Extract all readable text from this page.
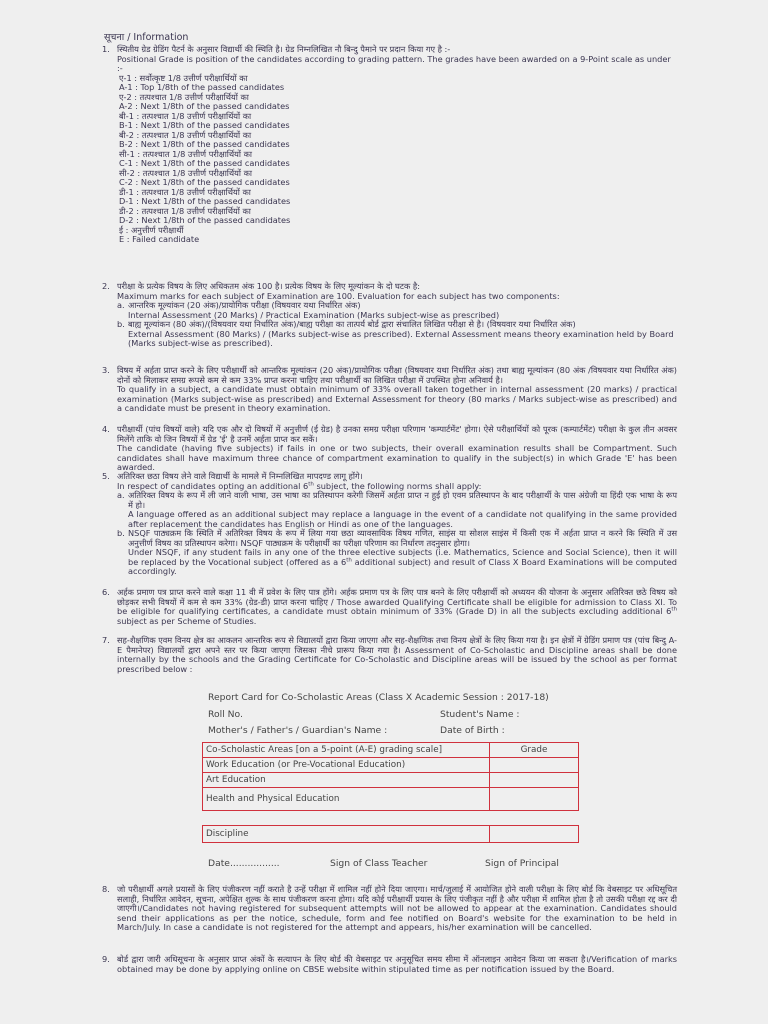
सूचना / Information
1. स्थितीय ग्रेड ग्रेडिंग पैटर्न के अनुसार विद्यार्थी की स्थिति है। ग्रेड निम्नलिखित नौ बिन्दु पैमाने पर प्रदान किया गए है :-
Positional Grade is position of the candidates according to grading pattern. The grades have been awarded on a 9-Point scale as under :-
ए-1 : सर्वोत्कृष्ट 1/8 उत्तीर्ण परीक्षार्थियों का
A-1 : Top 1/8th of the passed candidates
ए-2 : तत्पश्चात 1/8 उत्तीर्ण परीक्षार्थियों का
A-2 : Next 1/8th of the passed candidates
बी-1 : तत्पश्चात 1/8 उत्तीर्ण परीक्षार्थियों का
B-1 : Next 1/8th of the passed candidates
बी-2 : तत्पश्चात 1/8 उत्तीर्ण परीक्षार्थियों का
B-2 : Next 1/8th of the passed candidates
सी-1 : तत्पश्चात 1/8 उत्तीर्ण परीक्षार्थियों का
C-1 : Next 1/8th of the passed candidates
सी-2 : तत्पश्चात 1/8 उत्तीर्ण परीक्षार्थियों का
C-2 : Next 1/8th of the passed candidates
डी-1 : तत्पश्चात 1/8 उत्तीर्ण परीक्षार्थियों का
D-1 : Next 1/8th of the passed candidates
डी-2 : तत्पश्चात 1/8 उत्तीर्ण परीक्षार्थियों का
D-2 : Next 1/8th of the passed candidates
ई : अनुत्तीर्ण परीक्षार्थी
E : Failed candidate
2. परीक्षा के प्रत्येक विषय के लिए अधिकतम अंक 100 है। प्रत्येक विषय के लिए मूल्यांकन के दो घटक है:
Maximum marks for each subject of Examination are 100. Evaluation for each subject has two components:
a. आन्तरिक मूल्यांकन (20 अंक)/प्रायोगिक परीक्षा (विषयवार यथा निर्धारित अंक)
Internal Assessment (20 Marks) / Practical Examination (Marks subject-wise as prescribed)
b. बाह्य मूल्यांकन (80 अंक)/(विषयवार यथा निर्धारित अंक)/बाह्य परीक्षा का तात्पर्य बोर्ड द्वारा संचालित लिखित परीक्षा से है। (विषयवार यथा निर्धारित अंक)
External Assessment (80 Marks) / (Marks subject-wise as prescribed). External Assessment means theory examination held by Board (Marks subject-wise as prescribed).
3. विषय में अर्हता प्राप्त करने के लिए परीक्षार्थी को आन्तरिक मूल्यांकन (20 अंक)/प्रायोगिक परीक्षा (विषयवार यथा निर्धारित अंक) तथा बाह्य मूल्यांकन (80 अंक /विषयवार यथा निर्धारित अंक) दोनों को मिलाकर समग्र रूपसे कम से कम 33% प्राप्त करना चाहिए तथा परीक्षार्थी का लिखित परीक्षा में उपस्थित होना अनिवार्य है।
To qualify in a subject, a candidate must obtain minimum of 33% overall taken together in internal assessment (20 marks) / practical examination (Marks subject-wise as prescribed) and External Assessment for theory (80 marks / Marks subject-wise as prescribed) and a candidate must be present in theory examination.
4. परीक्षार्थी (पांच विषयों वाले) यदि एक और दो विषयों में अनुत्तीर्ण (ई ग्रेड) है उनका समग्र परीक्षा परिणाम 'कम्पार्टमेंट' होगा। ऐसे परीक्षार्थियों को पूरक (कम्पार्टमेंट) परीक्षा के कुल तीन अवसर मिलेंगे ताकि वो जिन विषयों में ग्रेड 'ई' है उनमें अर्हता प्राप्त कर सकें।
The candidate (having five subjects) if fails in one or two subjects, their overall examination results shall be Compartment. Such candidates shall have maximum three chance of compartment examination to qualify in the subject(s) in which Grade 'E' has been awarded.
5. अतिरिक्त छठा विषय लेने वाले विद्यार्थी के मामले में निम्नलिखित मापदण्ड लागू होंगे।
In respect of candidates opting an additional 6th subject, the following norms shall apply:
a. अतिरिक्त विषय के रूप में ली जाने वाली भाषा, उस भाषा का प्रतिस्थापन करेगी जिसमें अर्हता प्राप्त न हुई हो एवम प्रतिस्थापन के बाद परीक्षार्थी के पास अंग्रेजी या हिंदी एक भाषा के रूप में हो।
A language offered as an additional subject may replace a language in the event of a candidate not qualifying in the same provided after replacement the candidates has English or Hindi as one of the languages.
b. NSQF पाठ्यक्रम कि स्थिति में अतिरिक्त विषय के रूप में लिया गया छठा व्यावसायिक विषय गणित, साइंस या सोशल साइंस में किसी एक में अर्हता प्राप्त न करने कि स्थिति में उस अनुत्तीर्ण विषय का प्रतिस्थापन करेगा। NSQF पाठ्यक्रम के परीक्षार्थी का परीक्षा परिणाम का निर्धारण तदनुसार होगा।
Under NSQF, if any student fails in any one of the three elective subjects (i.e. Mathematics, Science and Social Science), then it will be replaced by the Vocational subject (offered as a 6th additional subject) and result of Class X Board Examinations will be computed accordingly.
6. अर्हक प्रमाण पत्र प्राप्त करने वाले कक्षा 11 वी में प्रवेश के लिए पात्र होंगे। अर्हक प्रमाण पत्र के लिए पात्र बनने के लिए परीक्षार्थी को अध्ययन की योजना के अनुसार अतिरिक्त छठे विषय को छोड़कर सभी विषयों में कम से कम 33% (ग्रेड-डी) प्राप्त करना चाहिए / Those awarded Qualifying Certificate shall be eligible for admission to Class XI. To be eligible for qualifying certificates, a candidate must obtain minimum of 33% (Grade D) in all the subjects excluding additional 6th subject as per Scheme of Studies.
7. सह-शैक्षणिक एवम विनय क्षेत्र का आकलन आन्तरिक रूप से विद्यालयों द्वारा किया जाएगा और सह-शैक्षणिक तथा विनय क्षेत्रों के लिए किया गया है। इन क्षेत्रों में ग्रेडिंग प्रमाण पत्र (पांच बिन्दु A-E पैमानेपर) विद्यालयों द्वारा अपने स्तर पर किया जाएगा जिसका नीचे प्रारूप किया गया है। Assessment of Co-Scholastic and Discipline areas shall be done internally by the schools and the Grading Certificate for Co-Scholastic and Discipline areas will be issued by the school as per format prescribed below :
Report Card for Co-Scholastic Areas (Class X Academic Session : 2017-18)
Roll No.	Student's Name :
Mother's / Father's / Guardian's Name :	Date of Birth :
Co-Scholastic Areas [on a 5-point (A-E) grading scale]	Grade
Work Education (or Pre-Vocational Education)	
Art Education	
Health and Physical Education	
Discipline	
Date.................	Sign of Class Teacher	Sign of Principal
8. जो परीक्षार्थी अगले प्रयासों के लिए पंजीकरण नहीं कराते है उन्हें परीक्षा में शामिल नहीं होने दिया जाएगा। मार्च/जुलाई में आयोजित होने वाली परीक्षा के लिए बोर्ड कि वेबसाइट पर अधिसूचित सलाही, निर्धारित आवेदन, सूचना, अपेक्षित शुल्क के साथ पंजीकरण करना होगा। यदि कोई परीक्षार्थी प्रयास के लिए पंजीकृत नहीं है और परीक्षा में शामिल होता है तो उसकी परीक्षा रद्द कर दी जाएगी।/Candidates not having registered for subsequent attempts will not be allowed to appear at the examination. Candidates should send their applications as per the notice, schedule, form and fee notified on Board's website for the examination to be held in March/July. In case a candidate is not registered for the attempt and appears, his/her examination will be cancelled.
9. बोर्ड द्वारा जारी अधिसूचना के अनुसार प्राप्त अंकों के सत्यापन के लिए बोर्ड की वेबसाइट पर अनुसूचित समय सीमा में ऑनलाइन आवेदन किया जा सकता है।/Verification of marks obtained may be done by applying online on CBSE website within stipulated time as per notification issued by the Board.
